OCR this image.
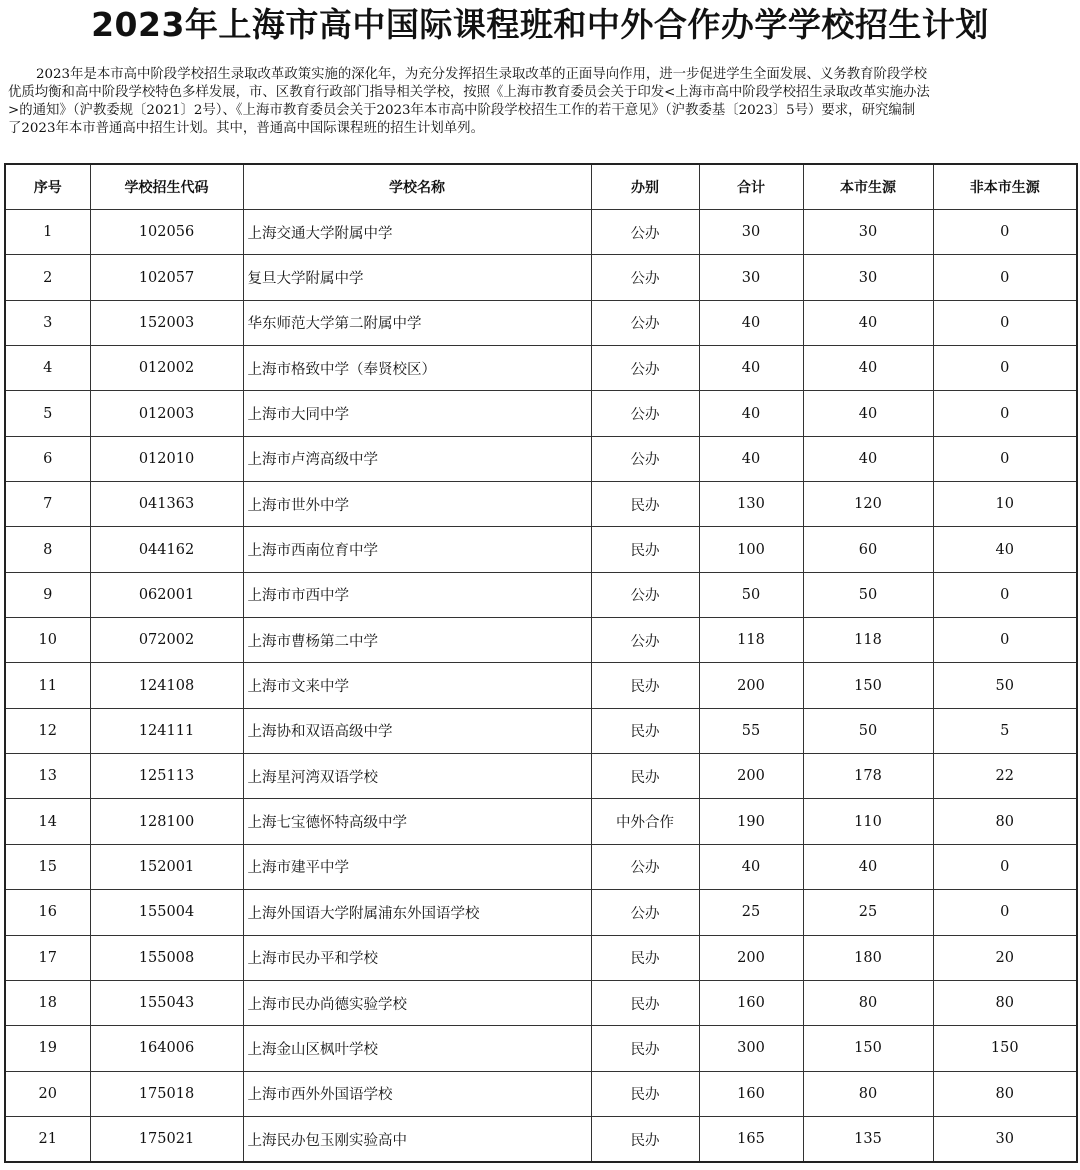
2023年上海市高中国际课程班和中外合作办学学校招生计划

2023年是本市高中阶段学校招生录取改革政策实施的深化年，为充分发挥招生录取改革的正面导向作用，进一步促进学生全面发展、义务教育阶段学校

优质均衡和高中阶段学校特色多样发展，市、区教育行政部门指导相关学校，按照《上海市教育委员会关于印发<上海市高中阶段学校招生录取改革实施办法

>的通知》（沪教委规〔2021〕2号）、《上海市教育委员会关于2023年本市高中阶段学校招生工作的若干意见》（沪教委基〔2023〕5号）要求，研究编制

了2023年本市普通高中招生计划。其中，普通高中国际课程班的招生计划单列。

序号	学校招生代码	学校名称	办别	合计	本市生源	非本市生源
1	102056	上海交通大学附属中学	公办	30	30	0
2	102057	复旦大学附属中学	公办	30	30	0
3	152003	华东师范大学第二附属中学	公办	40	40	0
4	012002	上海市格致中学（奉贤校区）	公办	40	40	0
5	012003	上海市大同中学	公办	40	40	0
6	012010	上海市卢湾高级中学	公办	40	40	0
7	041363	上海市世外中学	民办	130	120	10
8	044162	上海市西南位育中学	民办	100	60	40
9	062001	上海市市西中学	公办	50	50	0
10	072002	上海市曹杨第二中学	公办	118	118	0
11	124108	上海市文来中学	民办	200	150	50
12	124111	上海协和双语高级中学	民办	55	50	5
13	125113	上海星河湾双语学校	民办	200	178	22
14	128100	上海七宝德怀特高级中学	中外合作	190	110	80
15	152001	上海市建平中学	公办	40	40	0
16	155004	上海外国语大学附属浦东外国语学校	公办	25	25	0
17	155008	上海市民办平和学校	民办	200	180	20
18	155043	上海市民办尚德实验学校	民办	160	80	80
19	164006	上海金山区枫叶学校	民办	300	150	150
20	175018	上海市西外外国语学校	民办	160	80	80
21	175021	上海民办包玉刚实验高中	民办	165	135	30
